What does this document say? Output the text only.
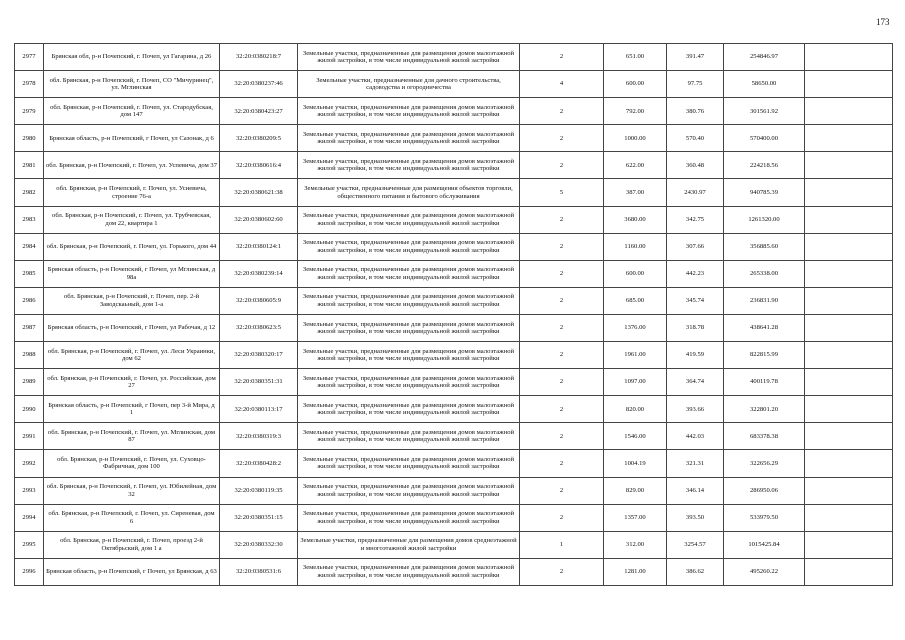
173
2977	Брянская обл, р-н Почепский, г. Почеп, ул Гагарина, д 26	32:20:0380218:7	Земельные участки, предназначенные для размещения домов малоэтажной жилой застройки, в том числе индивидуальной жилой застройки	2	651.00	391.47	254846.97	
2978	обл. Брянская, р-н Почепский, г. Почеп, СО "Мичуринец", ул. Мглинская	32:20:0380237:46	Земельные участки, предназначенные для дачного строительства, садоводства и огородничества	4	600.00	97.75	58650.00	
2979	обл. Брянская, р-н Почепский, г. Почеп, ул. Стародубская, дом 147	32:20:0380423:27	Земельные участки, предназначенные для размещения домов малоэтажной жилой застройки, в том числе индивидуальной жилой застройки	2	792.00	380.76	301561.92	
2980	Брянская область, р-н Почепский, г Почеп, ул Сазонак, д 6	32:20:0380209:5	Земельные участки, предназначенные для размещения домов малоэтажной жилой застройки, в том числе индивидуальной жилой застройки	2	1000.00	570.40	570400.00	
2981	обл. Брянская, р-н Почепский, г. Почеп, ул. Успевича, дом 37	32:20:0380616:4	Земельные участки, предназначенные для размещения домов малоэтажной жилой застройки, в том числе индивидуальной жилой застройки	2	622.00	360.48	224218.56	
2982	обл. Брянская, р-н Почепский, г. Почеп, ул. Усиевича, строение 76-а	32:20:0380621:38	Земельные участки, предназначенные для размещения объектов торговли, общественного питания и бытового обслуживания	5	387.00	2430.97	940785.39	
2983	обл. Брянская, р-н Почепский, г. Почеп, ул. Трубчевская, дом 22, квартира 1	32:20:0380602:60	Земельные участки, предназначенные для размещения домов малоэтажной жилой застройки, в том числе индивидуальной жилой застройки	2	3680.00	342.75	1261320.00	
2984	обл. Брянская, р-н Почепский, г. Почеп, ул. Горького, дом 44	32:20:0380124:1	Земельные участки, предназначенные для размещения домов малоэтажной жилой застройки, в том числе индивидуальной жилой застройки	2	1160.00	307.66	356885.60	
2985	Брянская область, р-н Почепский, г Почеп, ул Мглинская, д 98а	32:20:0380239:14	Земельные участки, предназначенные для размещения домов малоэтажной жилой застройки, в том числе индивидуальной жилой застройки	2	600.00	442.23	265338.00	
2986	обл. Брянская, р-н Почепский, г. Почеп, пер. 2-й Заводскаьный, дом 1-а	32:20:0380605:9	Земельные участки, предназначенные для размещения домов малоэтажной жилой застройки, в том числе индивидуальной жилой застройки	2	685.00	345.74	236831.90	
2987	Брянская область, р-н Почепский, г Почеп, ул Рабочая, д 12	32:20:0380623:5	Земельные участки, предназначенные для размещения домов малоэтажной жилой застройки, в том числе индивидуальной жилой застройки	2	1376.00	318.78	438641.28	
2988	обл. Брянская, р-н Почепский, г. Почеп, ул. Леси Украинки, дом 62	32:20:0380320:17	Земельные участки, предназначенные для размещения домов малоэтажной жилой застройки, в том числе индивидуальной жилой застройки	2	1961.00	419.59	822815.99	
2989	обл. Брянская, р-н Почепский, г. Почеп, ул. Российская, дом 27	32:20:0380351:31	Земельные участки, предназначенные для размещения домов малоэтажной жилой застройки, в том числе индивидуальной жилой застройки	2	1097.00	364.74	400119.78	
2990	Брянская область, р-н Почепский, г Почеп, пер 3-й Мира, д 1	32:20:0380113:17	Земельные участки, предназначенные для размещения домов малоэтажной жилой застройки, в том числе индивидуальной жилой застройки	2	820.00	393.66	322801.20	
2991	обл. Брянская, р-н Почепский, г. Почеп, ул. Мглинская, дом 87	32:20:0380319:3	Земельные участки, предназначенные для размещения домов малоэтажной жилой застройки, в том числе индивидуальной жилой застройки	2	1546.00	442.03	683378.38	
2992	обл. Брянская, р-н Почепский, г. Почеп, ул. Суховцо-Фабричная, дом 100	32:20:0380428:2	Земельные участки, предназначенные для размещения домов малоэтажной жилой застройки, в том числе индивидуальной жилой застройки	2	1004.19	321.31	322656.29	
2993	обл. Брянская, р-н Почепский, г. Почеп, ул. Юбилейная, дом 32	32:20:0380119:35	Земельные участки, предназначенные для размещения домов малоэтажной жилой застройки, в том числе индивидуальной жилой застройки	2	829.00	346.14	286950.06	
2994	обл. Брянская, р-н Почепский, г. Почеп, ул. Сиреневая, дом 6	32:20:0380351:15	Земельные участки, предназначенные для размещения домов малоэтажной жилой застройки, в том числе индивидуальной жилой застройки	2	1357.00	393.50	533979.50	
2995	обл. Брянская, р-н Почепский, г. Почеп, проезд 2-й Октябрьский, дом 1 а	32:20:0380332:30	Земельные участки, предназначенные для размещения домов среднеэтажной и многоэтажной жилой застройки	1	312.00	3254.57	1015425.84	
2996	Брянская область, р-н Почепский, г Почеп, ул Брянская, д 63	32:20:0380531:6	Земельные участки, предназначенные для размещения домов малоэтажной жилой застройки, в том числе индивидуальной жилой застройки	2	1281.00	386.62	495260.22	
